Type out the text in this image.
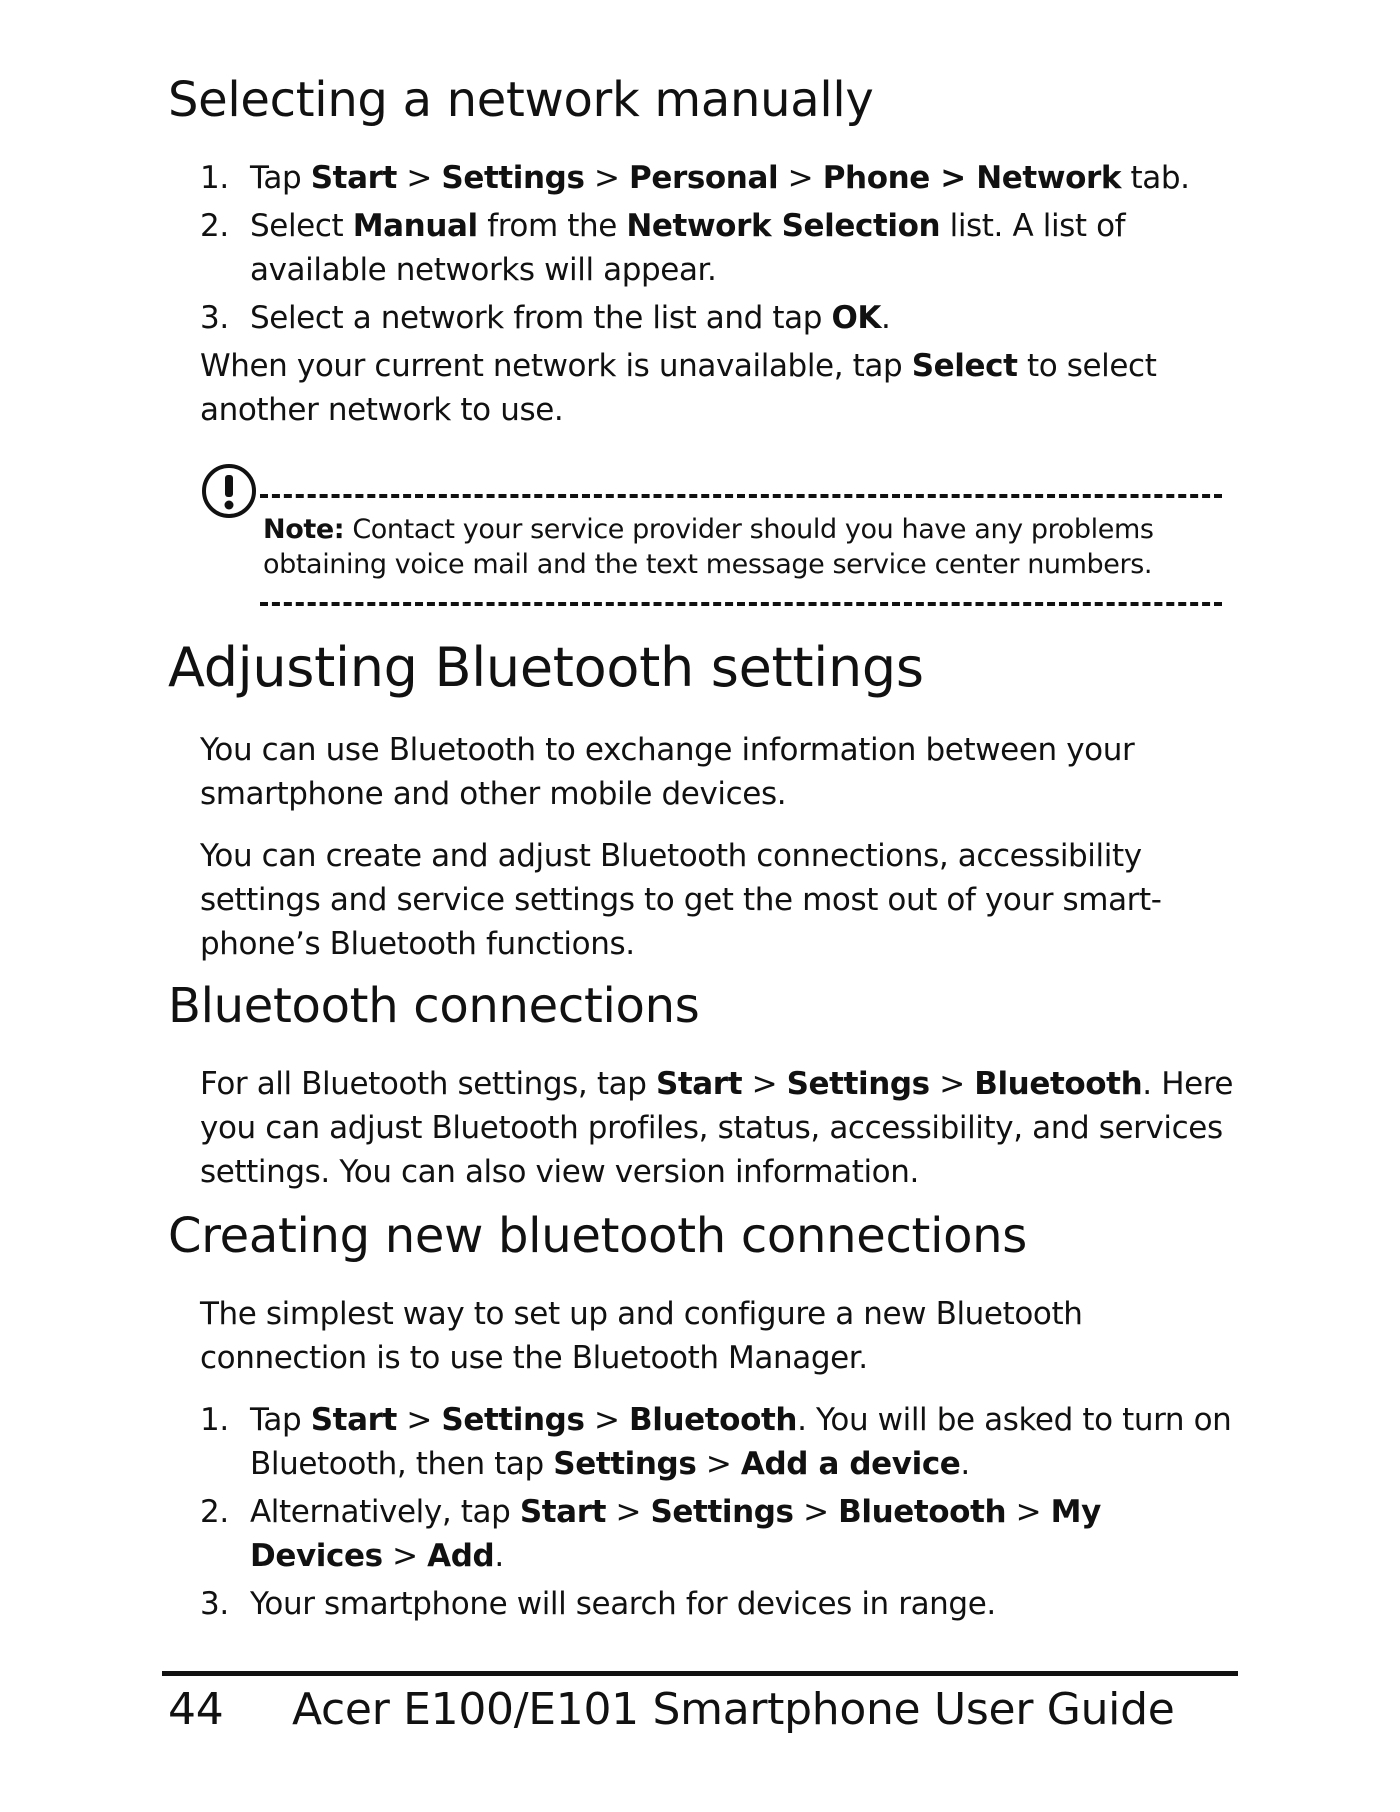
Selecting a network manually
1. Tap Start > Settings > Personal > Phone > Network tab.
2. Select Manual from the Network Selection list. A list of available networks will appear.
3. Select a network from the list and tap OK.

When your current network is unavailable, tap Select to select another network to use.

Note: Contact your service provider should you have any problems obtaining voice mail and the text message service center numbers.

Adjusting Bluetooth settings

You can use Bluetooth to exchange information between your smartphone and other mobile devices.

You can create and adjust Bluetooth connections, accessibility settings and service settings to get the most out of your smart-phone’s Bluetooth functions.

Bluetooth connections

For all Bluetooth settings, tap Start > Settings > Bluetooth. Here you can adjust Bluetooth profiles, status, accessibility, and services settings. You can also view version information.

Creating new bluetooth connections

The simplest way to set up and configure a new Bluetooth connection is to use the Bluetooth Manager.

1. Tap Start > Settings > Bluetooth. You will be asked to turn on Bluetooth, then tap Settings > Add a device.
2. Alternatively, tap Start > Settings > Bluetooth > My Devices > Add.
3. Your smartphone will search for devices in range.
44 Acer E100/E101 Smartphone User Guide
